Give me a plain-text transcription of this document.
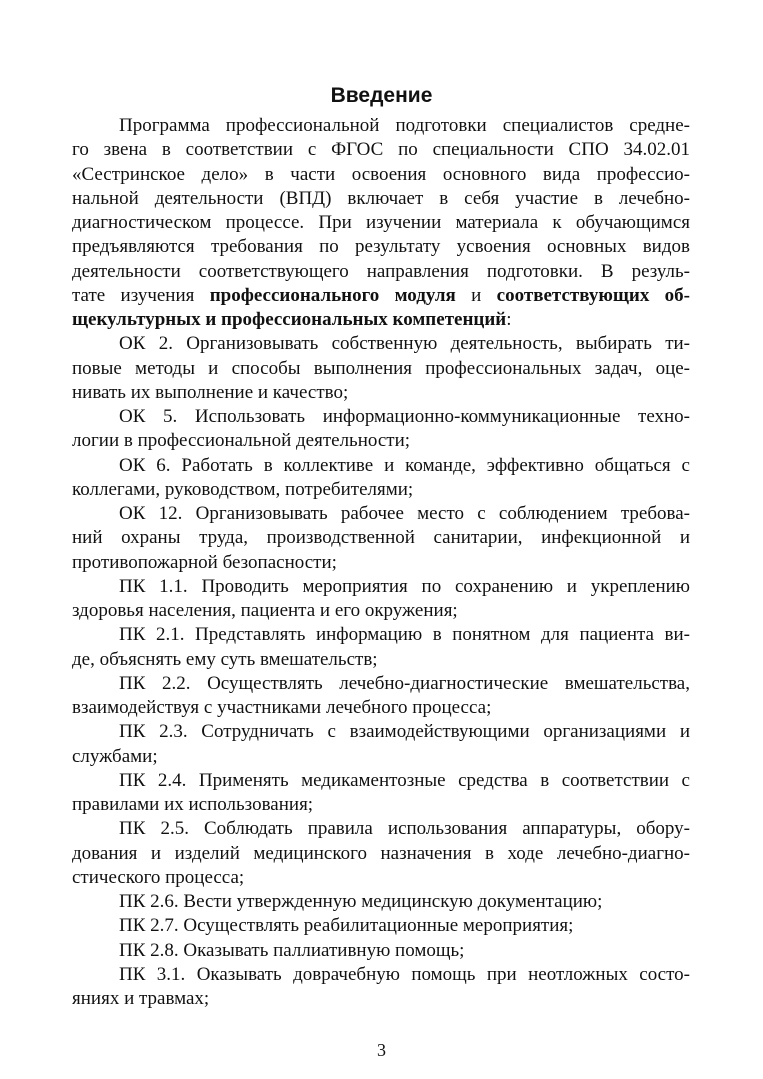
Введение
Программа профессиональной подготовки специалистов средне-
го звена в соответствии с ФГОС по специальности СПО 34.02.01
«Сестринское дело» в части освоения основного вида профессио-
нальной деятельности (ВПД) включает в себя участие в лечебно-
диагностическом процессе. При изучении материала к обучающимся
предъявляются требования по результату усвоения основных видов
деятельности соответствующего направления подготовки. В резуль-
тате изучения профессионального модуля и соответствующих об-
щекультурных и профессиональных компетенций:
ОК 2. Организовывать собственную деятельность, выбирать ти-
повые методы и способы выполнения профессиональных задач, оце-
нивать их выполнение и качество;
ОК 5. Использовать информационно-коммуникационные техно-
логии в профессиональной деятельности;
ОК 6. Работать в коллективе и команде, эффективно общаться с
коллегами, руководством, потребителями;
ОК 12. Организовывать рабочее место с соблюдением требова-
ний охраны труда, производственной санитарии, инфекционной и
противопожарной безопасности;
ПК 1.1. Проводить мероприятия по сохранению и укреплению
здоровья населения, пациента и его окружения;
ПК 2.1. Представлять информацию в понятном для пациента ви-
де, объяснять ему суть вмешательств;
ПК 2.2. Осуществлять лечебно-диагностические вмешательства,
взаимодействуя с участниками лечебного процесса;
ПК 2.3. Сотрудничать с взаимодействующими организациями и
службами;
ПК 2.4. Применять медикаментозные средства в соответствии с
правилами их использования;
ПК 2.5. Соблюдать правила использования аппаратуры, обору-
дования и изделий медицинского назначения в ходе лечебно-диагно-
стического процесса;
ПК 2.6. Вести утвержденную медицинскую документацию;
ПК 2.7. Осуществлять реабилитационные мероприятия;
ПК 2.8. Оказывать паллиативную помощь;
ПК 3.1. Оказывать доврачебную помощь при неотложных состо-
яниях и травмах;
3
